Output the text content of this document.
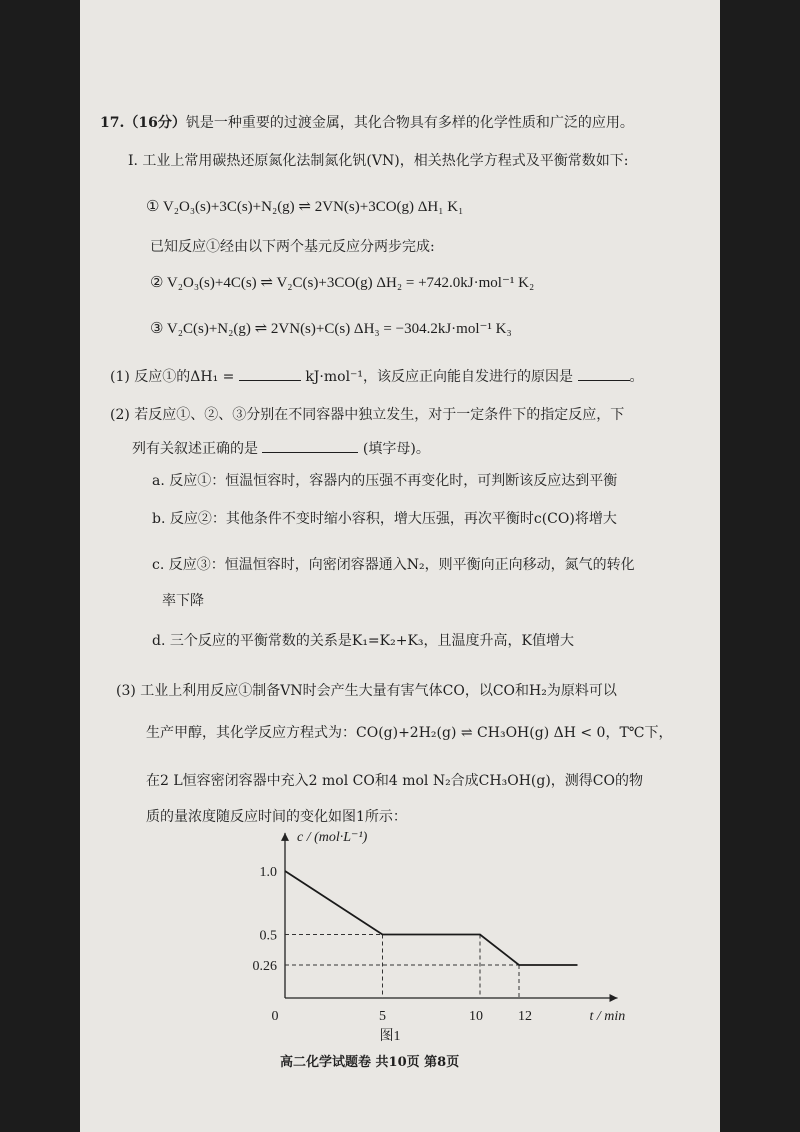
17.（16分）钒是一种重要的过渡金属，其化合物具有多样的化学性质和广泛的应用。
I. 工业上常用碳热还原氮化法制氮化钒(VN)，相关热化学方程式及平衡常数如下:
① V₂O₃(s)+3C(s)+N₂(g) ⇌ 2VN(s)+3CO(g) ΔH₁ K₁
已知反应①经由以下两个基元反应分两步完成:
② V₂O₃(s)+4C(s) ⇌ V₂C(s)+3CO(g) ΔH₂ = +742.0kJ·mol⁻¹ K₂
③ V₂C(s)+N₂(g) ⇌ 2VN(s)+C(s) ΔH₃ = −304.2kJ·mol⁻¹ K₃
(1) 反应①的ΔH₁ =	kJ·mol⁻¹，该反应正向能自发进行的原因是	。
(2) 若反应①、②、③分别在不同容器中独立发生，对于一定条件下的指定反应，下
列有关叙述正确的是	(填字母)。
a. 反应①：恒温恒容时，容器内的压强不再变化时，可判断该反应达到平衡
b. 反应②：其他条件不变时缩小容积，增大压强，再次平衡时c(CO)将增大
c. 反应③：恒温恒容时，向密闭容器通入N₂，则平衡向正向移动，氮气的转化
率下降
d. 三个反应的平衡常数的关系是K₁=K₂+K₃，且温度升高，K值增大
(3) 工业上利用反应①制备VN时会产生大量有害气体CO，以CO和H₂为原料可以
生产甲醇，其化学反应方程式为：CO(g)+2H₂(g) ⇌ CH₃OH(g) ΔH < 0，T℃下，
在2 L恒容密闭容器中充入2 mol CO和4 mol N₂合成CH₃OH(g)，测得CO的物
质的量浓度随反应时间的变化如图1所示：
c / (mol·L⁻¹)
t / min
1.0
0.5
0.26
0	5	10	12
图1
高二化学试题卷 共10页 第8页
